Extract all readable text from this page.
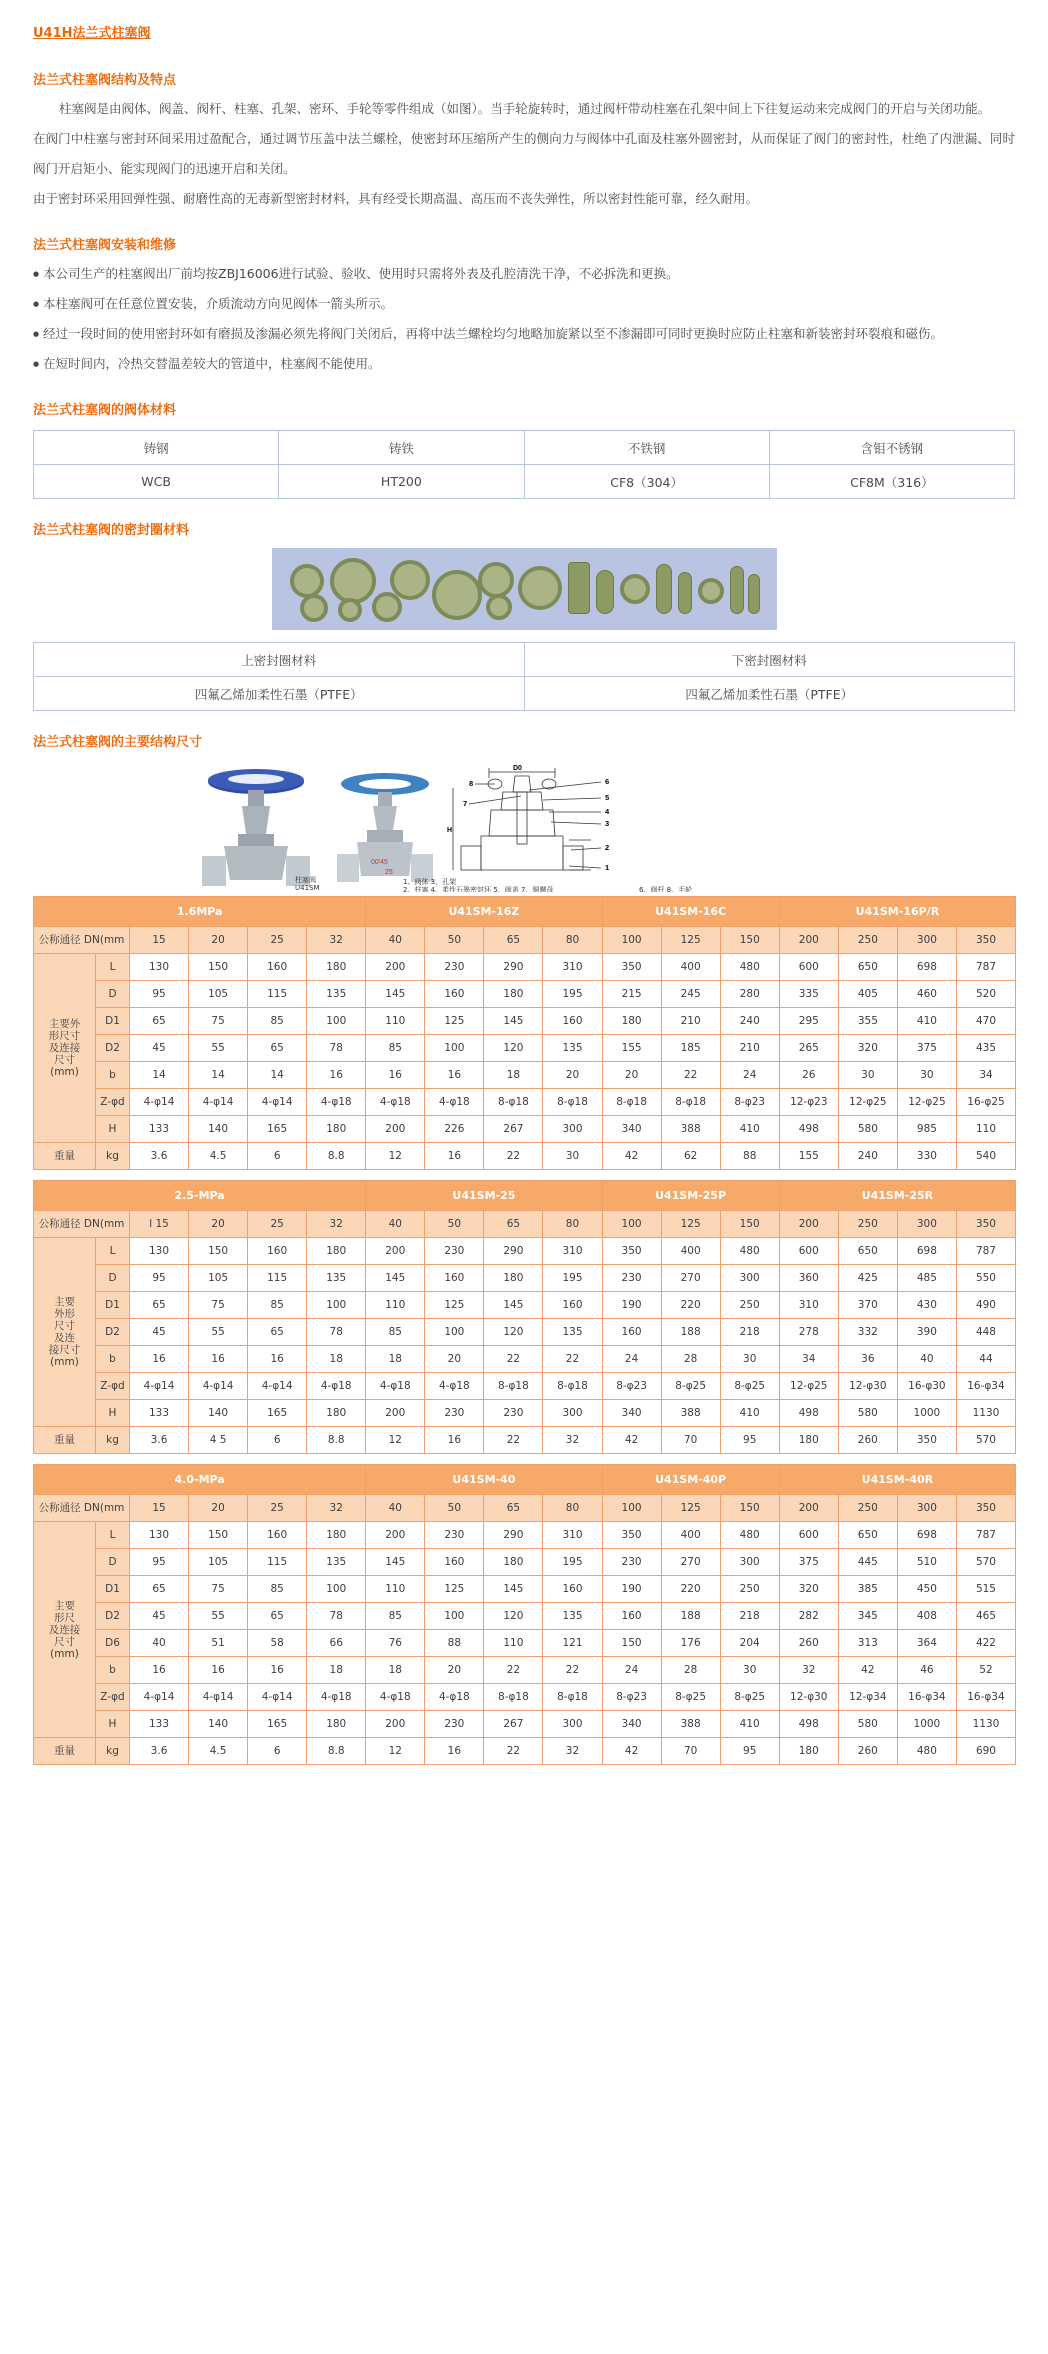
U41H法兰式柱塞阀
法兰式柱塞阀结构及特点

柱塞阀是由阀体、阀盖、阀杆、柱塞、孔架、密环、手轮等零件组成（如图）。当手轮旋转时，通过阀杆带动柱塞在孔架中间上下往复运动来完成阀门的开启与关闭功能。

在阀门中柱塞与密封环间采用过盈配合，通过调节压盖中法兰螺栓，使密封环压缩所产生的侧向力与阀体中孔面及柱塞外圆密封，从而保证了阀门的密封性，杜绝了内泄漏、同时阀门开启矩小、能实现阀门的迅速开启和关闭。

由于密封环采用回弹性强、耐磨性高的无毒新型密封材料，具有经受长期高温、高压而不丧失弹性，所以密封性能可靠，经久耐用。

法兰式柱塞阀安装和维修

● 本公司生产的柱塞阀出厂前均按ZBJ16006进行试验、验收、使用时只需将外表及孔腔清洗干净，不必拆洗和更换。

● 本柱塞阀可在任意位置安装，介质流动方向见阀体一箭头所示。

● 经过一段时间的使用密封环如有磨损及渗漏必须先将阀门关闭后，再将中法兰螺栓均匀地略加旋紧以至不渗漏即可同时更换时应防止柱塞和新装密封环裂痕和磁伤。

● 在短时间内，冷热交替温差较大的管道中，柱塞阀不能使用。

法兰式柱塞阀的阀体材料
铸钢	铸铁	不铁钢	含钼不锈钢
WCB	HT200	CF8（304）	CF8M（316）
法兰式柱塞阀的密封圈材料
上密封圈材料	下密封圈材料
四氟乙烯加柔性石墨（PTFE）	四氟乙烯加柔性石墨（PTFE）
法兰式柱塞阀的主要结构尺寸
00'45
25
D0
H
8
7
6
5
4
3
2
1
柱塞阀
U41SM
1、阀体 3、孔架
2、柱塞 4、柔性石墨密封环 5、阀盖 7、铜螺母	6、阀杆 8、手轮
1.6MPa						U41SM-16Z				U41SM-16C			U41SM-16P/R			
公称通径 DN(mm		15	20	25	32	40	50	65	80	100	125	150	200	250	300	350

主要外
形尺寸
及连接
尺寸
(mm)	L	130	150	160	180	200	230	290	310	350	400	480	600	650	698	787
	D	95	105	115	135	145	160	180	195	215	245	280	335	405	460	520
	D1	65	75	85	100	110	125	145	160	180	210	240	295	355	410	470
	D2	45	55	65	78	85	100	120	135	155	185	210	265	320	375	435
	b	14	14	14	16	16	16	18	20	20	22	24	26	30	30	34
	Z-φd	4-φ14	4-φ14	4-φ14	4-φ18	4-φ18	4-φ18	8-φ18	8-φ18	8-φ18	8-φ18	8-φ23	12-φ23	12-φ25	12-φ25	16-φ25
	H	133	140	165	180	200	226	267	300	340	388	410	498	580	985	110
重量	kg	3.6	4.5	6	8.8	12	16	22	30	42	62	88	155	240	330	540
2.5-MPa						U41SM-25				U41SM-25P			U41SM-25R			
公称通径 DN(mm		l 15	20	25	32	40	50	65	80	100	125	150	200	250	300	350

主要
外形
尺寸
及连
接尺寸
(mm)
	L	130	150	160	180	200	230	290	310	350	400	480	600	650	698	787
	D	95	105	115	135	145	160	180	195	230	270	300	360	425	485	550
	D1	65	75	85	100	110	125	145	160	190	220	250	310	370	430	490
	D2	45	55	65	78	85	100	120	135	160	188	218	278	332	390	448
	b	16	16	16	18	18	20	22	22	24	28	30	34	36	40	44
	Z-φd	4-φ14	4-φ14	4-φ14	4-φ18	4-φ18	4-φ18	8-φ18	8-φ18	8-φ23	8-φ25	8-φ25	12-φ25	12-φ30	16-φ30	16-φ34
	H	133	140	165	180	200	230	230	300	340	388	410	498	580	1000	1130
重量	kg	3.6	4 5	6	8.8	12	16	22	32	42	70	95	180	260	350	570
4.0-MPa						U41SM-40				U41SM-40P			U41SM-40R			
公称通径 DN(mm		15	20	25	32	40	50	65	80	100	125	150	200	250	300	350

主要
形尺
及连接
尺寸
(mm)	L	130	150	160	180	200	230	290	310	350	400	480	600	650	698	787
	D	95	105	115	135	145	160	180	195	230	270	300	375	445	510	570
	D1	65	75	85	100	110	125	145	160	190	220	250	320	385	450	515
	D2	45	55	65	78	85	100	120	135	160	188	218	282	345	408	465
	D6	40	51	58	66	76	88	110	121	150	176	204	260	313	364	422
	b	16	16	16	18	18	20	22	22	24	28	30	32	42	46	52
	Z-φd	4-φ14	4-φ14	4-φ14	4-φ18	4-φ18	4-φ18	8-φ18	8-φ18	8-φ23	8-φ25	8-φ25	12-φ30	12-φ34	16-φ34	16-φ34
	H	133	140	165	180	200	230	267	300	340	388	410	498	580	1000	1130
重量	kg	3.6	4.5	6	8.8	12	16	22	32	42	70	95	180	260	480	690
